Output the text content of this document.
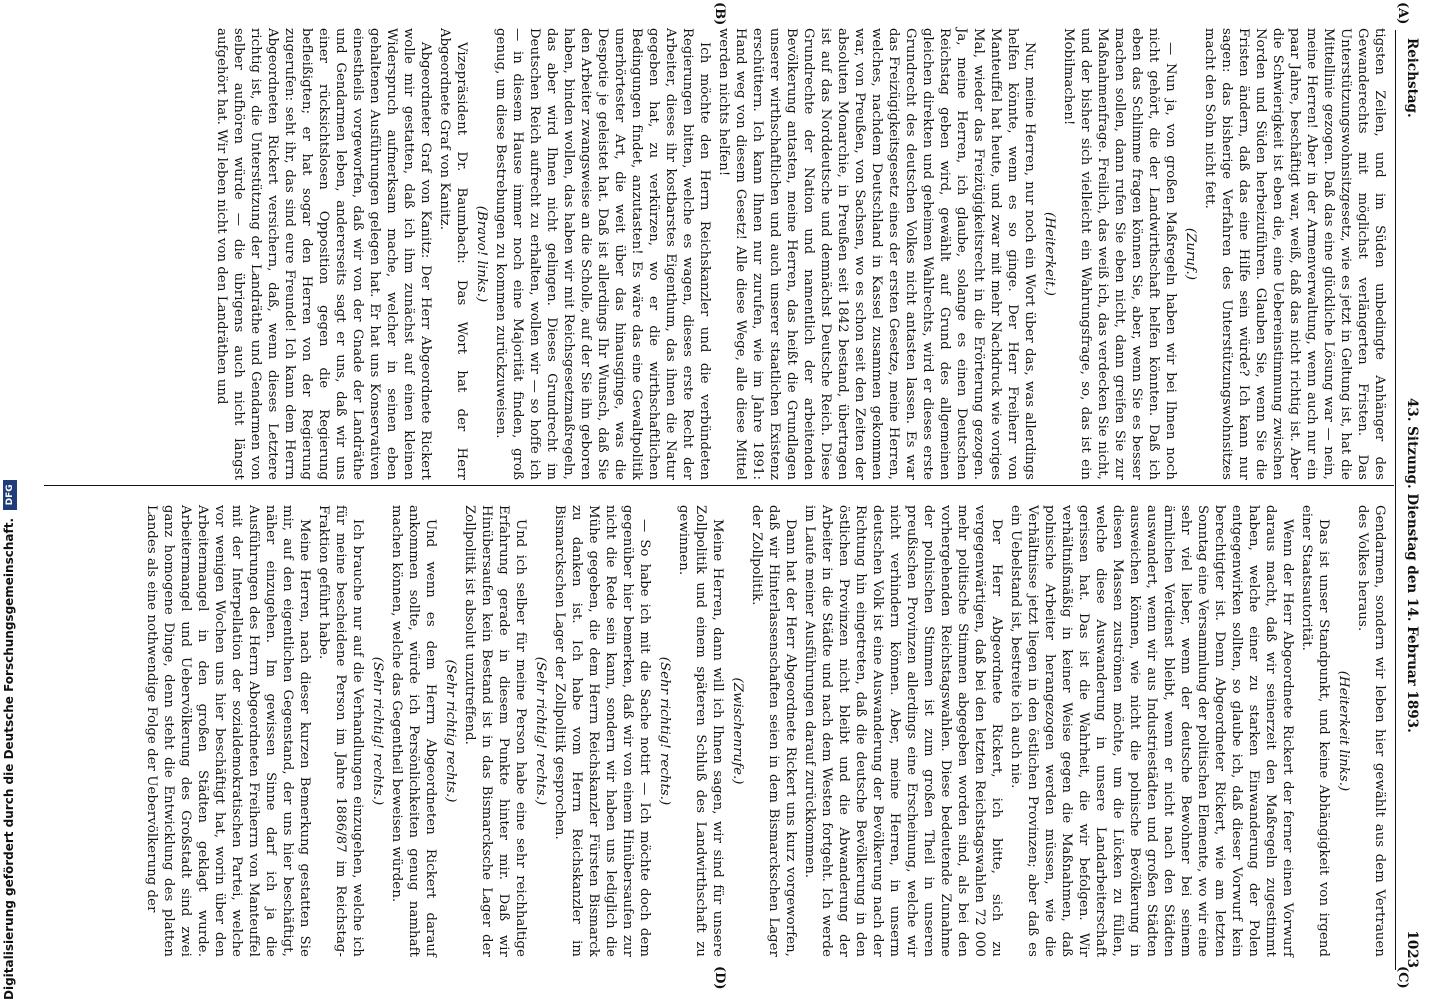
Reichstag.
43. Sitzung. Dienstag den 14. Februar 1893.
1023
(A)
(B)
(C)
(D)

tigsten Zeilen, und im Süden unbedingte Anhänger des Gewanderechts mit möglichst verlängerten Fristen. Das Unterstützungswohnsitzgesetz, wie es jetzt in Geltung ist, hat die Mittellinie gezogen. Daß das eine glückliche Lösung war — nein, meine Herren! Aber in der Armenverwaltung, wenn auch nur ein paar Jahre, beschäftigt war, weiß, daß das nicht richtig ist. Aber die Schwierigkeit ist eben die, eine Uebereinstimmung zwischen Norden und Süden herbeizuführen. Glauben Sie, wenn Sie die Fristen ändern, daß das eine Hilfe sein würde? Ich kann nur sagen: das bisherige Verfahren des Unterstützungswohnsitzes macht den Sohn nicht fett.

(Zuruf.)

— Nun ja, von großen Maßregeln haben wir bei Ihnen noch nicht gehört, die der Landwirthschaft helfen könnten. Daß ich eben das Schlimme fragen können Sie, aber, wenn Sie es besser machen sollen, dann rufen Sie eben nicht, dann greifen Sie zur Maßnahmenfrage. Freilich, das weiß ich, das verdecken Sie nicht, und der bisher sich vielleicht ein Wahrungsfrage, so, das ist ein Mobilmachen!

(Heiterkeit.)

Nur, meine Herren, nur noch ein Wort über das, was allerdings helfen könnte, wenn es so ginge. Der Herr Freiherr von Manteuffel hat heute, und zwar mit mehr Nachdruck wie voriges Mal, wieder das Freizügigkeitsrecht in die Erörterung gezogen. Ja, meine Herren, ich glaube, solange es einen Deutschen Reichstag geben wird, gewählt auf Grund des allgemeinen gleichen direkten und geheimen Wahlrechts, wird er dieses erste Grundrecht des deutschen Volkes nicht antasten lassen. Es war das Freizügigkeitsgesetz eines der ersten Gesetze, meine Herren, welches, nachdem Deutschland in Kassel zusammen gekommen war, von Preußen, von Sachsen, wo es schon seit den Zeiten der absoluten Monarchie, in Preußen seit 1842 bestand, übertragen ist auf das Norddeutsche und demnächst Deutsche Reich. Diese Grundrechte der Nation und namentlich der arbeitenden Bevölkerung antasten, meine Herren, das heißt die Grundlagen unserer wirthschaftlichen und auch unserer staatlichen Existenz erschüttern. Ich kann Ihnen nur zurufen, wie im Jahre 1891: Hand weg von diesem Gesetz! Alle diese Wege, alle diese Mittel werden nichts helfen!

Ich möchte den Herrn Reichskanzler und die verbündeten Regierungen bitten, welche es wagen, dieses erste Recht der Arbeiter, dieses ihr kostbarstes Eigenthum, das ihnen die Natur gegeben hat, zu verkürzen, wo er die wirthschaftlichen Bedingungen findet, anzutasten! Es wäre das eine Gewaltpolitik unerhörtester Art, die weit über das hinausginge, was die Despotie je geleistet hat. Daß ist allerdings Ihr Wunsch, daß Sie den Arbeiter zwangsweise an die Scholle, auf der Sie ihn geboren haben, binden wollen, das haben wir mit Reichsgesetzmaßregeln, das aber wird Ihnen nicht gelingen. Dieses Grundrecht im Deutschen Reich aufrecht zu erhalten, wollen wir — so hoffe ich — in diesem Hause immer noch eine Majorität finden, groß genug, um diese Bestrebungen zu kommen zurückzuweisen.

(Bravo! links.)

Vizepräsident Dr. Baumbach: Das Wort hat der Herr Abgeordnete Graf von Kanitz.

Abgeordneter Graf von Kanitz: Der Herr Abgeordnete Rickert wolle mir gestatten, daß ich ihm zunächst auf einen kleinen Widerspruch aufmerksam mache, welcher in seinen eben gehaltenen Ausführungen gelegen hat. Er hat uns Konservativen einestheils vorgeworfen, daß wir von der Gnade der Landräthe und Gendarmen leben, andererseits sagt er uns, daß wir uns einer rücksichtslosen Opposition gegen die Regierung befleißigten; er hat sogar den Herren von der Regierung zugerufen: seht ihr, das sind eure Freunde! Ich kann dem Herrn Abgeordneten Rickert versichern, daß, wenn dieses Letztere richtig ist, die Unterstützung der Landräthe und Gendarmen von selber aufhören würde — die übrigens auch nicht längst aufgehört hat. Wir leben nicht von den Landräthen und

Gendarmen, sondern wir leben hier gewählt aus dem Vertrauen des Volkes heraus.

(Heiterkeit links.)

Das ist unser Standpunkt, und keine Abhängigkeit von irgend einer Staatsautorität.

Wenn der Herr Abgeordnete Rickert der ferner einen Vorwurf daraus macht, daß wir seinerzeit den Maßregeln zugestimmt haben, welche einer zu starken Einwanderung der Polen entgegenwirken sollten, so glaube ich, daß dieser Vorwurf kein berechtigter ist. Denn Abgeordneter Rickert, wie am letzten Sonntag eine Versammlung der politischen Elemente, wo wir eine sehr viel lieber, wenn der deutsche Bewohner bei seinem ärmlichen Verdienst bleibt, wenn er nicht nach den Städten auswandert, wenn wir aus Industriestädten und großen Städten ausweichen können, wie nicht die polnische Bevölkerung in diesen Massen zuströmen möchte, um die Lücken zu füllen, welche diese Auswanderung in unsere Landarbeiterschaft gerissen hat. Das ist die Wahrheit, die wir befolgen. Wir verhältnißmäßig in keiner Weise gegen die Maßnahmen, daß polnische Arbeiter herangezogen werden müssen, wie die Verhältnisse jetzt liegen in den östlichen Provinzen; aber daß es ein Uebelstand ist, bestreite ich auch nie.

Der Herr Abgeordnete Rickert, ich bitte, sich zu vergegenwärtigen, daß bei den letzten Reichstagswahlen 72 000 mehr politische Stimmen abgegeben worden sind, als bei den vorhergehenden Reichstagswahlen. Diese bedeutende Zunahme der polnischen Stimmen ist zum großen Theil in unseren preußischen Provinzen allerdings eine Erscheinung, welche wir nicht verhindern können. Aber, meine Herren, in unserm deutschen Volk ist eine Auswanderung der Bevölkerung nach der Richtung hin eingetreten, daß die deutsche Bevölkerung in den östlichen Provinzen nicht bleibt und die Abwanderung der Arbeiter in die Städte und nach dem Westen fortgeht. Ich werde im Laufe meiner Ausführungen darauf zurückkommen.

Dann hat der Herr Abgeordnete Rickert uns kurz vorgeworfen, daß wir Hinterlassenschaften seien in dem Bismarckschen Lager der Zollpolitik.

(Zwischenrufe.)

Meine Herren, dann will ich Ihnen sagen, wir sind für unsere Zollpolitik und einem späteren Schluß des Landwirthschaft zu gewinnen.

(Sehr richtig! rechts.)

— So habe ich mit die Sache notirt — Ich möchte doch dem gegenüber hier bemerken, daß wir von einem Hinübersaufen zur nicht die Rede sein kann, sondern wir haben uns lediglich die Mühe gegeben, die dem Herrn Reichskanzler Fürsten Bismarck zu danken ist. Ich habe vom Herrn Reichskanzler im Bismarckschen Lager der Zollpolitik gesprochen.

(Sehr richtig! rechts.)

Und ich selber für meine Person habe eine sehr reichhaltige Erfahrung gerade in diesem Punkte hinter mir. Daß wir Hinübersaufen kein Bestand ist in das Bismarcksche Lager der Zollpolitik ist absolut unzutreffend.

(Sehr richtig rechts.)

Und wenn es dem Herrn Abgeordneten Rickert darauf ankommen sollte, würde ich Persönlichkeiten genug namhaft machen können, welche das Gegentheil beweisen würden.

(Sehr richtig! rechts.)

Ich brauche nur auf die Verhandlungen einzugehen, welche ich für meine bescheidene Person im Jahre 1886/87 im Reichstag-Fraktion geführt habe.

Meine Herren, nach dieser kurzen Bemerkung gestatten Sie mir, auf den eigentlichen Gegenstand, der uns hier beschäftigt, näher einzugehen. Im gewissen Sinne darf ich ja die Ausführungen des Herrn Abgeordneten Freiherrn von Manteuffel mit der Interpellation der sozialdemokratischen Partei, welche vor wenigen Wochen uns hier beschäftigt hat, worin über den Arbeitermangel in den großen Städten geklagt wurde. Arbeitermangel und Uebervölkerung des Großstadt sind zwei ganz homogene Dinge, denn steht die Entwicklung des platten Landes als eine nothwendige Folge der Uebervölkerung der

Digitalisierung gefördert durch die Deutsche Forschungsgemeinschaft. DFG
